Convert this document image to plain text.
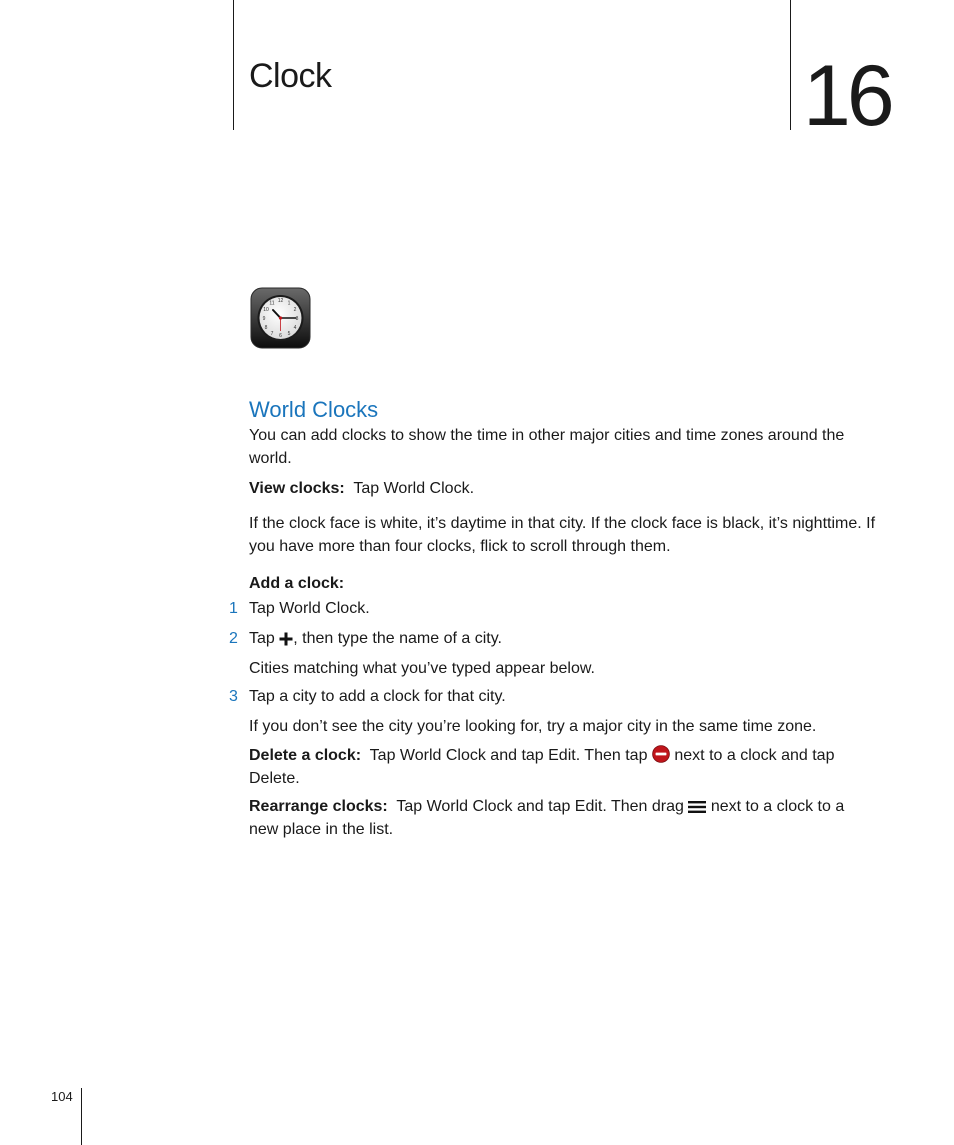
Clock	16
12 1
2
3
4
5
6
7
8
9
10
11
World Clocks

You can add clocks to show the time in other major cities and time zones around the world.

View clocks: Tap World Clock.

If the clock face is white, it’s daytime in that city. If the clock face is black, it’s nighttime. If you have more than four clocks, flick to scroll through them.

Add a clock:

1 Tap World Clock.

2 Tap , then type the name of a city.

Cities matching what you’ve typed appear below.

3 Tap a city to add a clock for that city.

If you don’t see the city you’re looking for, try a major city in the same time zone.

Delete a clock: Tap World Clock and tap Edit. Then tap next to a clock and tap Delete.

Rearrange clocks: Tap World Clock and tap Edit. Then drag next to a clock to a new place in the list.

104
